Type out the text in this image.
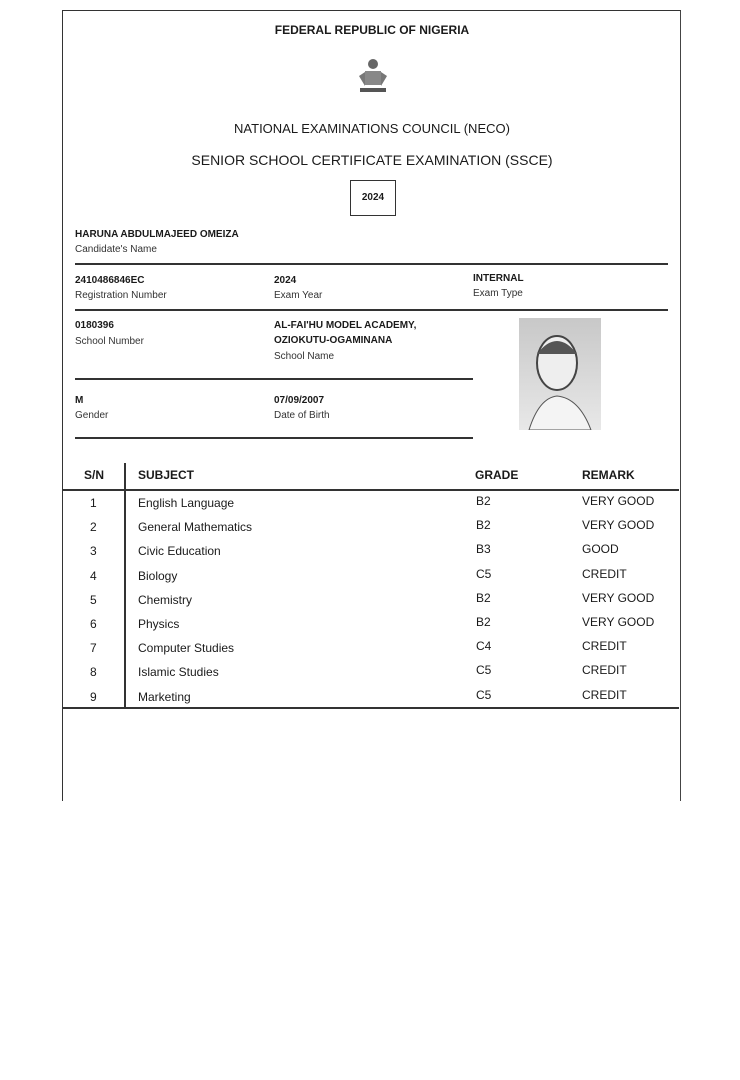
FEDERAL REPUBLIC OF NIGERIA
NATIONAL EXAMINATIONS COUNCIL (NECO)
SENIOR SCHOOL CERTIFICATE EXAMINATION (SSCE)
2024
HARUNA ABDULMAJEED OMEIZA
Candidate's Name
2410486846EC
Registration Number
2024
Exam Year
INTERNAL
Exam Type
0180396
School Number
AL-FAI'HU MODEL ACADEMY,
OZIOKUTU-OGAMINANA
School Name
M
Gender
07/09/2007
Date of Birth
S/N	SUBJECT	GRADE	REMARK
1	English Language	B2	VERY GOOD
2	General Mathematics	B2	VERY GOOD
3	Civic Education	B3	GOOD
4	Biology	C5	CREDIT
5	Chemistry	B2	VERY GOOD
6	Physics	B2	VERY GOOD
7	Computer Studies	C4	CREDIT
8	Islamic Studies	C5	CREDIT
9	Marketing	C5	CREDIT
